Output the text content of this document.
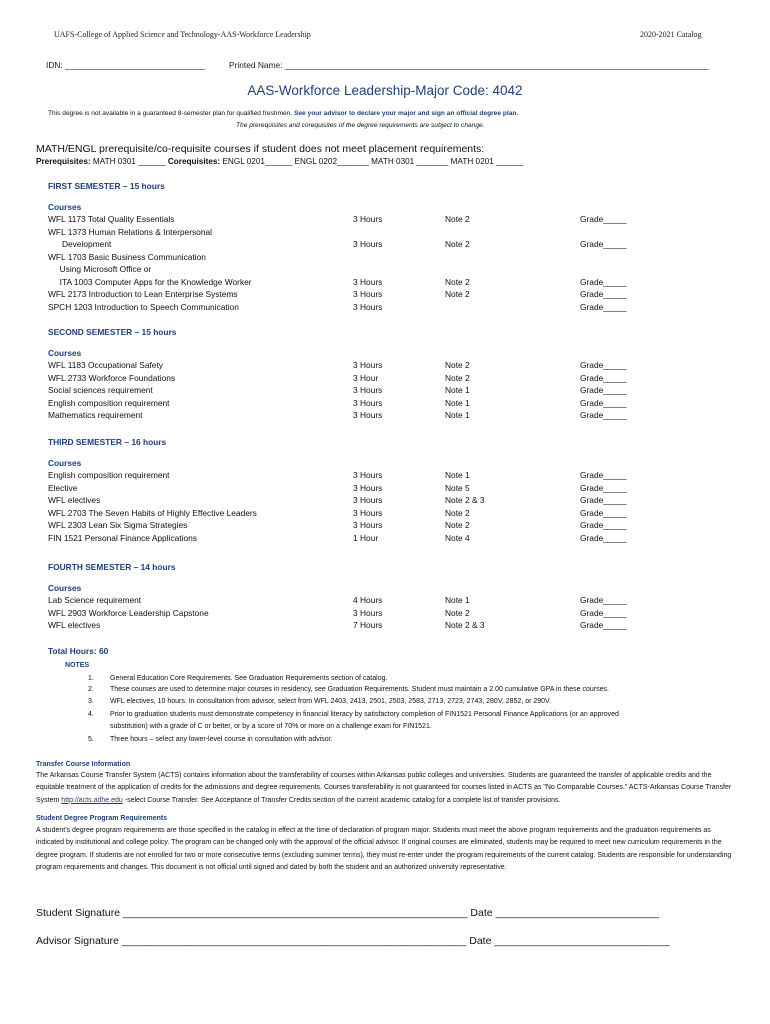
UAFS-College of Applied Science and Technology-AAS-Workforce Leadership	2020-2021 Catalog
IDN: ______________________________	Printed Name: ___________________________________________________________________________________________
AAS-Workforce Leadership-Major Code: 4042
This degree is not available in a guaranteed 8-semester plan for qualified freshmen. See your advisor to declare your major and sign an official degree plan.
The prerequisites and corequisites of the degree requirements are subject to change.
MATH/ENGL prerequisite/co-requisite courses if student does not meet placement requirements:
Prerequisites: MATH 0301 ______ Corequisites: ENGL 0201______ ENGL 0202_______ MATH 0301 _______ MATH 0201 ______
FIRST SEMESTER – 15 hours
Courses
WFL 1173 Total Quality Essentials	3 Hours	Note 2	Grade_____
WFL 1373 Human Relations & Interpersonal
Development	3 Hours	Note 2	Grade_____
WFL 1703 Basic Business Communication
Using Microsoft Office or
ITA 1003 Computer Apps for the Knowledge Worker	3 Hours	Note 2	Grade_____
WFL 2173 Introduction to Lean Enterprise Systems	3 Hours	Note 2	Grade_____
SPCH 1203 Introduction to Speech Communication	3 Hours	Grade_____
SECOND SEMESTER – 15 hours
Courses
WFL 1183 Occupational Safety	3 Hours	Note 2	Grade_____
WFL 2733 Workforce Foundations	3 Hour	Note 2	Grade_____
Social sciences requirement	3 Hours	Note 1	Grade_____
English composition requirement	3 Hours	Note 1	Grade_____
Mathematics requirement	3 Hours	Note 1	Grade_____
THIRD SEMESTER – 16 hours
Courses
English composition requirement	3 Hours	Note 1	Grade_____
Elective	3 Hours	Note 5	Grade_____
WFL electives	3 Hours	Note 2 & 3	Grade_____
WFL 2703 The Seven Habits of Highly Effective Leaders	3 Hours	Note 2	Grade_____
WFL 2303 Lean Six Sigma Strategies	3 Hours	Note 2	Grade_____
FIN 1521 Personal Finance Applications	1 Hour	Note 4	Grade_____
FOURTH SEMESTER – 14 hours
Courses
Lab Science requirement	4 Hours	Note 1	Grade_____
WFL 2903 Workforce Leadership Capstone	3 Hours	Note 2	Grade_____
WFL electives	7 Hours	Note 2 & 3	Grade_____
Total Hours: 60
NOTES
1. General Education Core Requirements. See Graduation Requirements section of catalog.
2. These courses are used to determine major courses in residency, see Graduation Requirements. Student must maintain a 2.00 cumulative GPA in these courses.
3. WFL electives, 10 hours. In consultation from advisor, select from WFL 2403, 2413, 2501, 2503, 2583, 2713, 2723, 2743, 280V, 2852, or 290V.
4. Prior to graduation students must demonstrate competency in financial literacy by satisfactory completion of FIN1521 Personal Finance Applications (or an approved
substitution) with a grade of C or better, or by a score of 70% or more on a challenge exam for FIN1521.
5. Three hours – select any lower-level course in consultation with advisor.
Transfer Course Information
The Arkansas Course Transfer System (ACTS) contains information about the transferability of courses within Arkansas public colleges and universities. Students are guaranteed the transfer of applicable credits and the equitable treatment of the application of credits for the admissions and degree requirements. Courses transferability is not guaranteed for courses listed in ACTS as "No Comparable Courses." ACTS-Arkansas Course Transfer System http://acts.adhe.edu -select Course Transfer. See Acceptance of Transfer Credits section of the current academic catalog for a complete list of transfer provisions.
Student Degree Program Requirements
A student's degree program requirements are those specified in the catalog in effect at the time of declaration of program major. Students must meet the above program requirements and the graduation requirements as indicated by institutional and college policy. The program can be changed only with the approval of the official advisor. If original courses are eliminated, students may be required to meet new curriculum requirements in the degree program. If students are not enrolled for two or more consecutive terms (excluding summer terms), they must re-enter under the program requirements of the current catalog. Students are responsible for understanding program requirements and changes. This document is not official until signed and dated by both the student and an authorized university representative.
Student Signature ___________________________________________________________ Date ____________________________
Advisor Signature ___________________________________________________________ Date ______________________________
